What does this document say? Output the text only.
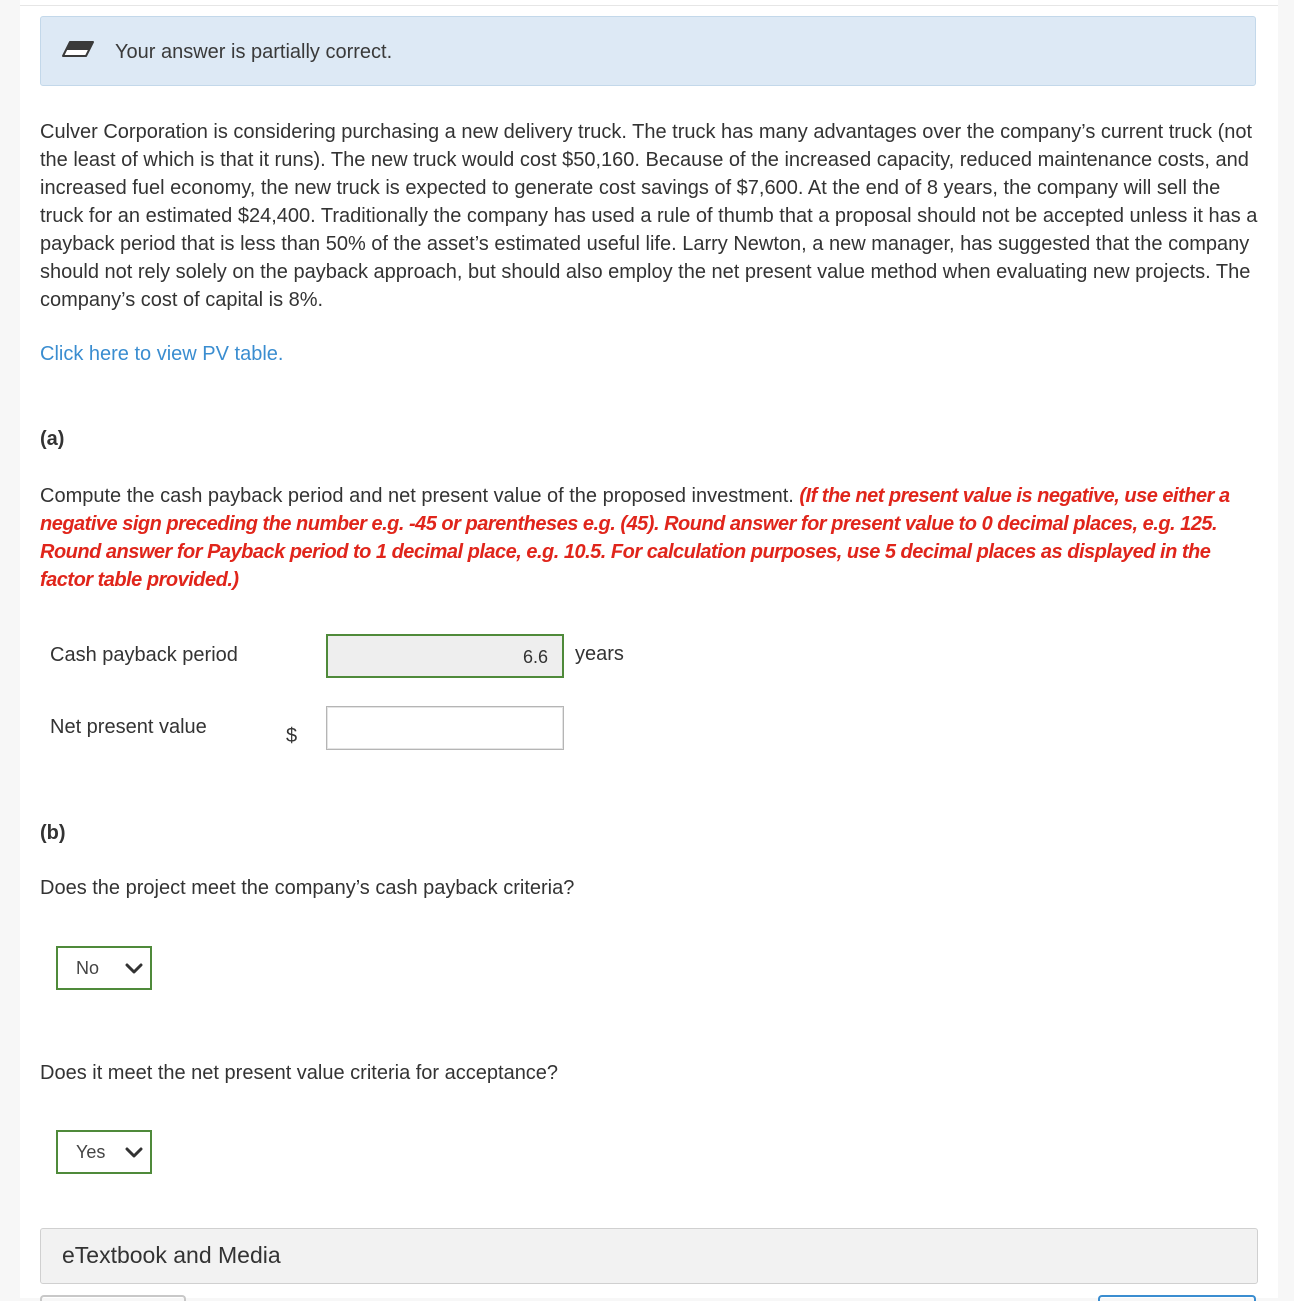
Your answer is partially correct.
Culver Corporation is considering purchasing a new delivery truck. The truck has many advantages over the company’s current truck (not the least of which is that it runs). The new truck would cost $50,160. Because of the increased capacity, reduced maintenance costs, and increased fuel economy, the new truck is expected to generate cost savings of $7,600. At the end of 8 years, the company will sell the truck for an estimated $24,400. Traditionally the company has used a rule of thumb that a proposal should not be accepted unless it has a payback period that is less than 50% of the asset’s estimated useful life. Larry Newton, a new manager, has suggested that the company should not rely solely on the payback approach, but should also employ the net present value method when evaluating new projects. The company’s cost of capital is 8%.
Click here to view PV table.
(a)
Compute the cash payback period and net present value of the proposed investment. (If the net present value is negative, use either a negative sign preceding the number e.g. -45 or parentheses e.g. (45). Round answer for present value to 0 decimal places, e.g. 125. Round answer for Payback period to 1 decimal place, e.g. 10.5. For calculation purposes, use 5 decimal places as displayed in the factor table provided.)
Cash payback period	6.6	years
Net present value	$
(b)
Does the project meet the company’s cash payback criteria?
No
Does it meet the net present value criteria for acceptance?
Yes
eTextbook and Media
